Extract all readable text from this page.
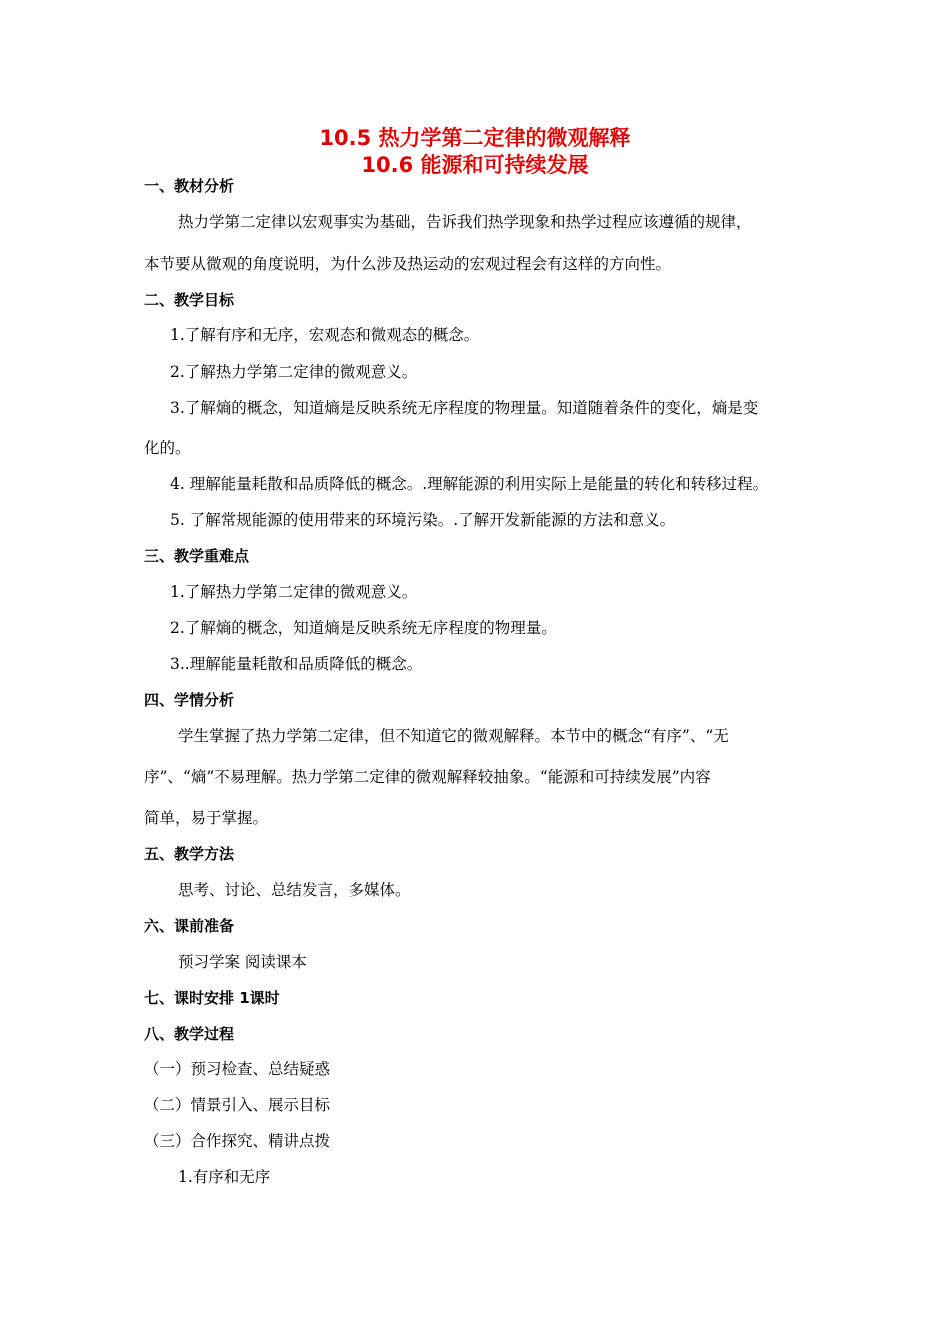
10.5 热力学第二定律的微观解释
10.6 能源和可持续发展
一、教材分析
热力学第二定律以宏观事实为基础，告诉我们热学现象和热学过程应该遵循的规律，
本节要从微观的角度说明，为什么涉及热运动的宏观过程会有这样的方向性。
二、教学目标
1.了解有序和无序，宏观态和微观态的概念。
2.了解热力学第二定律的微观意义。
3.了解熵的概念，知道熵是反映系统无序程度的物理量。知道随着条件的变化，熵是变
化的。
4. 理解能量耗散和品质降低的概念。.理解能源的利用实际上是能量的转化和转移过程。
5. 了解常规能源的使用带来的环境污染。.了解开发新能源的方法和意义。
三、教学重难点
1.了解热力学第二定律的微观意义。
2.了解熵的概念，知道熵是反映系统无序程度的物理量。
3..理解能量耗散和品质降低的概念。
四、学情分析
学生掌握了热力学第二定律，但不知道它的微观解释。本节中的概念“有序”、“无
序”、“熵”不易理解。热力学第二定律的微观解释较抽象。“能源和可持续发展”内容
简单，易于掌握。
五、教学方法
思考、讨论、总结发言，多媒体。
六、课前准备
预习学案 阅读课本
七、课时安排 1课时
八、教学过程
（一）预习检查、总结疑惑
（二）情景引入、展示目标
（三）合作探究、精讲点拨
1.有序和无序
